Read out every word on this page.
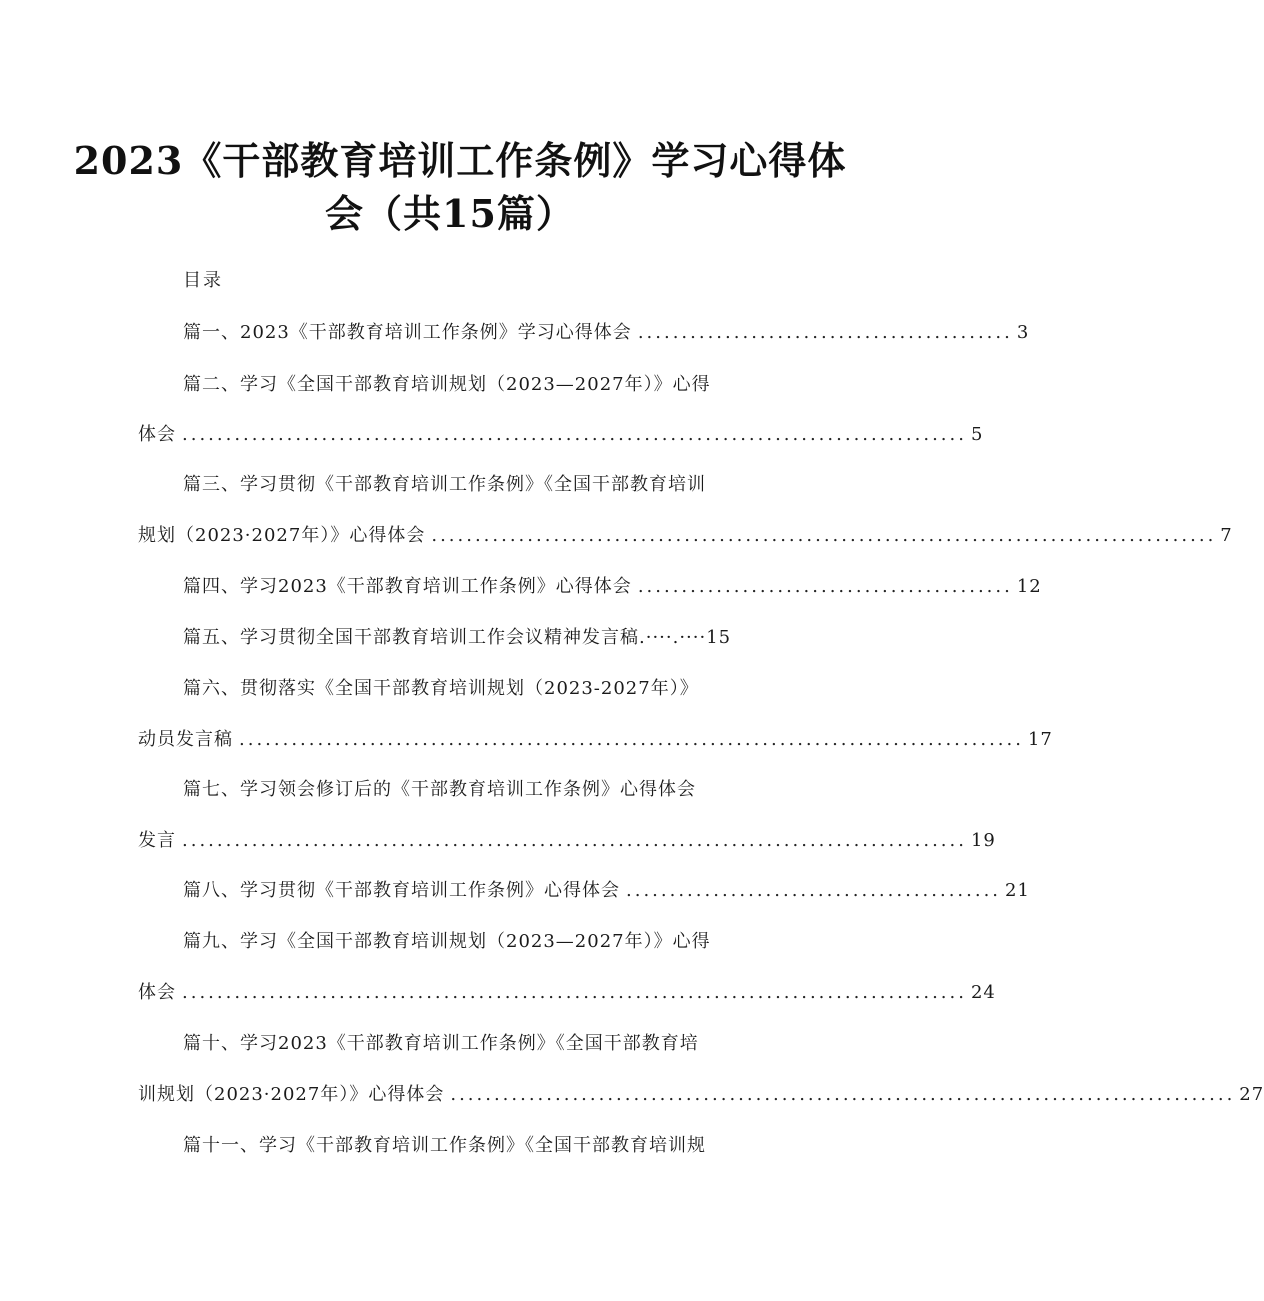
2023《干部教育培训工作条例》学习心得体
会（共15篇）
目录
篇一、2023《干部教育培训工作条例》学习心得体会 ........................................... 3
篇二、学习《全国干部教育培训规划（2023—2027年）》心得
体会 .......................................................................................... 5
篇三、学习贯彻《干部教育培训工作条例》《全国干部教育培训
规划（2023·2027年）》心得体会 .......................................................................................... 7
篇四、学习2023《干部教育培训工作条例》心得体会 ........................................... 12
篇五、学习贯彻全国干部教育培训工作会议精神发言稿.····.····15
篇六、贯彻落实《全国干部教育培训规划（2023-2027年）》
动员发言稿 .......................................................................................... 17
篇七、学习领会修订后的《干部教育培训工作条例》心得体会
发言 .......................................................................................... 19
篇八、学习贯彻《干部教育培训工作条例》心得体会 ........................................... 21
篇九、学习《全国干部教育培训规划（2023—2027年）》心得
体会 .......................................................................................... 24
篇十、学习2023《干部教育培训工作条例》《全国干部教育培
训规划（2023·2027年）》心得体会 .......................................................................................... 27
篇十一、学习《干部教育培训工作条例》《全国干部教育培训规
